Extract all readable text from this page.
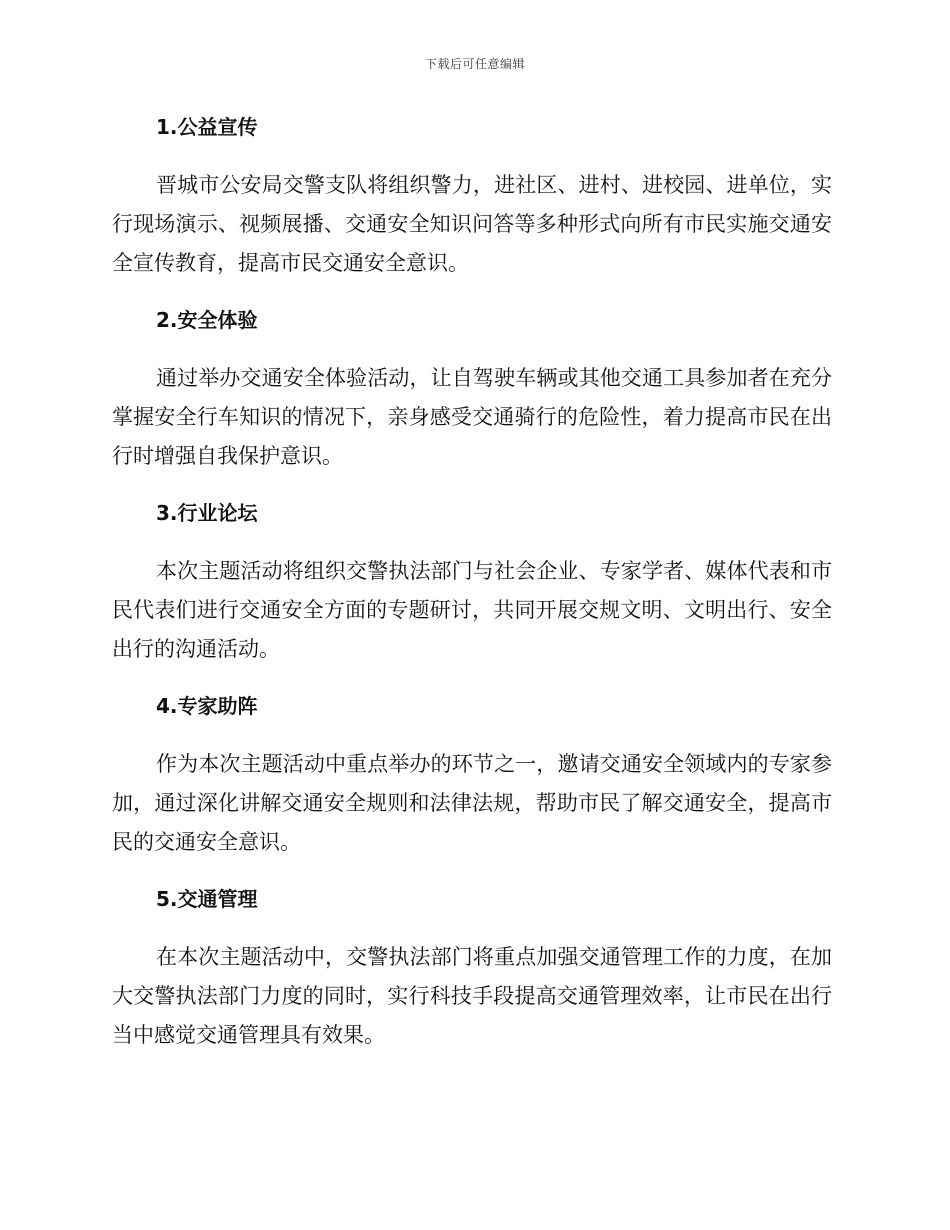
下载后可任意编辑

1.公益宣传

晋城市公安局交警支队将组织警力，进社区、进村、进校园、进单位，实行现场演示、视频展播、交通安全知识问答等多种形式向所有市民实施交通安全宣传教育，提高市民交通安全意识。

2.安全体验

通过举办交通安全体验活动，让自驾驶车辆或其他交通工具参加者在充分掌握安全行车知识的情况下，亲身感受交通骑行的危险性，着力提高市民在出行时增强自我保护意识。

3.行业论坛

本次主题活动将组织交警执法部门与社会企业、专家学者、媒体代表和市民代表们进行交通安全方面的专题研讨，共同开展交规文明、文明出行、安全出行的沟通活动。

4.专家助阵

作为本次主题活动中重点举办的环节之一，邀请交通安全领域内的专家参加，通过深化讲解交通安全规则和法律法规，帮助市民了解交通安全，提高市民的交通安全意识。

5.交通管理

在本次主题活动中，交警执法部门将重点加强交通管理工作的力度，在加大交警执法部门力度的同时，实行科技手段提高交通管理效率，让市民在出行当中感觉交通管理具有效果。
